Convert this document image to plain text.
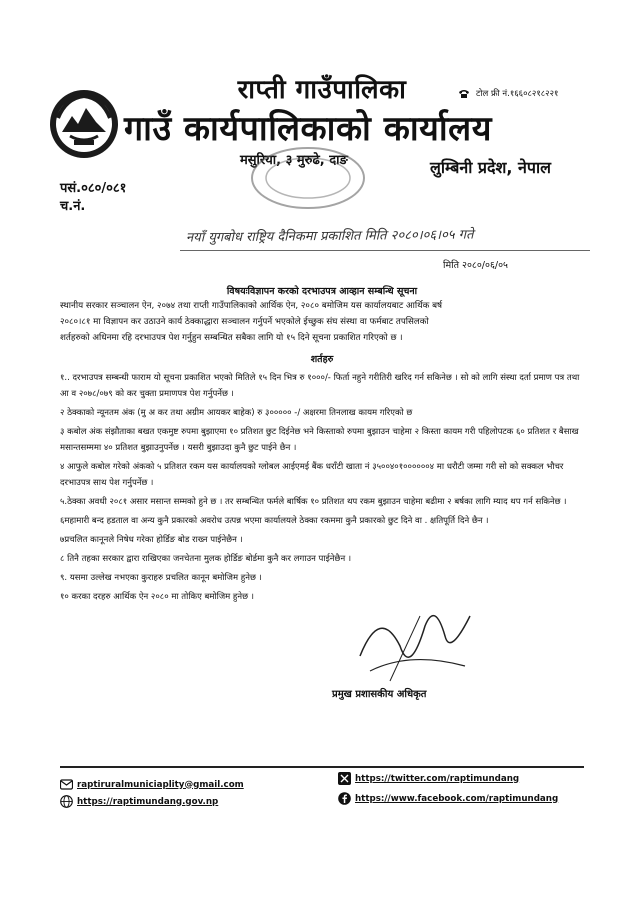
राप्ती गाउँपालिका
गाउँ कार्यपालिकाको कार्यालय
मसुरिया, ३ मुरुढे, दाङ
टोल फ्री नं.१६६०८२१८२२१
लुम्बिनी प्रदेश, नेपाल
पसं.०८०/०८१
च.नं.
नयाँ युगबोध राष्ट्रिय दैनिकमा प्रकाशित मिति २०८०।०६।०५ गते
मिति २०८०/०६/०५
विषयःविज्ञापन करको दरभाउपत्र आव्हान सम्बन्धि सूचना
स्थानीय सरकार सञ्चालन ऐन, २०७४ तथा राप्ती गाउँपालिकाको आर्थिक ऐन, २०८० बमोजिम यस कार्यालयबाट आर्थिक बर्ष
२०८०।८१ मा विज्ञापन कर उठाउने कार्य ठेक्काद्धारा सञ्चालन गर्नुपर्ने भएकोले ईच्छुक संघ संस्था वा फर्मबाट तपसिलको
शर्तहरुको अधिनमा रहि दरभाउपत्र पेश गर्नुहुन सम्बन्धित सबैका लागि यो १५ दिने सूचना प्रकाशित गरिएको छ ।
शर्तहरु
१.. दरभाउपत्र सम्बन्धी फाराम यो सूचना प्रकाशित भएको मितिले १५ दिन भित्र रु १०००/- फिर्ता नहुने गरीतिरी खरिद गर्न सकिनेछ । सो को लागि संस्था दर्ता प्रमाण पत्र तथा आ व २०७८/०७९ को कर चुक्ता प्रमाणपत्र पेश गर्नुपर्नेछ ।
२ ठेक्काको न्यूनतम अंक (मु अ कर तथा अग्रीम आयकर बाहेक) रु ३००००० -/ अक्षरमा तिनलाख कायम गरिएको छ
३ कबोल अंक संझौताका बखत एकमुष्ट रुपमा बुझाएमा १० प्रतिशत छुट दिईनेछ भने किस्ताको रुपमा बुझाउन चाहेमा २ किस्ता कायम गरी पहिलोपटक ६० प्रतिशत र बैसाख मसान्तसम्ममा ४० प्रतिशत बुझाउनुपर्नेछ । यसरी बुझाउदा कुनै छुट पाईने छैन ।
४ आफुले कबोल गरेको अंकको ५ प्रतिशत रकम यस कार्यालयको ग्लोबल आईएमई बैंक धराँटी खाता नं ३५००४०१००००००४ मा धरौटी जम्मा गरी सो को सक्कल भौचर दरभाउपत्र साथ पेश गर्नुपर्नेछ ।
५.ठेक्का अवधी २०८१ असार मसान्त सम्मको हुने छ । तर सम्बन्धित फर्मले बार्षिक १० प्रतिशत थप रकम बुझाउन चाहेमा बढीमा २ बर्षका लागि म्याद थप गर्न सकिनेछ ।
६महामारी बन्द हडताल वा अन्य कुनै प्रकारको अवरोध उत्पन्न भएमा कार्यालयले ठेक्का रकममा कुनै प्रकारको छुट दिने वा . क्षतिपूर्ति दिने छैन ।
७प्रचलित कानूनले निषेध गरेका होर्डिङ बोड राख्न पाईनेछैन ।
८ तिनै तहका सरकार द्वारा राखिएका जनचेतना मुलक होर्डिङ बोर्डमा कुनै कर लगाउन पाईनेछैन ।
९. यसमा उल्लेख नभएका कुराहरु प्रचलित कानून बमोजिम हुनेछ ।
१० करका दरहरु आर्थिक ऐन २०८० मा तोकिए बमोजिम हुनेछ ।
प्रमुख प्रशासकीय अधिकृत
raptiruralmuniciaplity@gmail.com
https://raptimundang.gov.np
https://twitter.com/raptimundang
https://www.facebook.com/raptimundang
